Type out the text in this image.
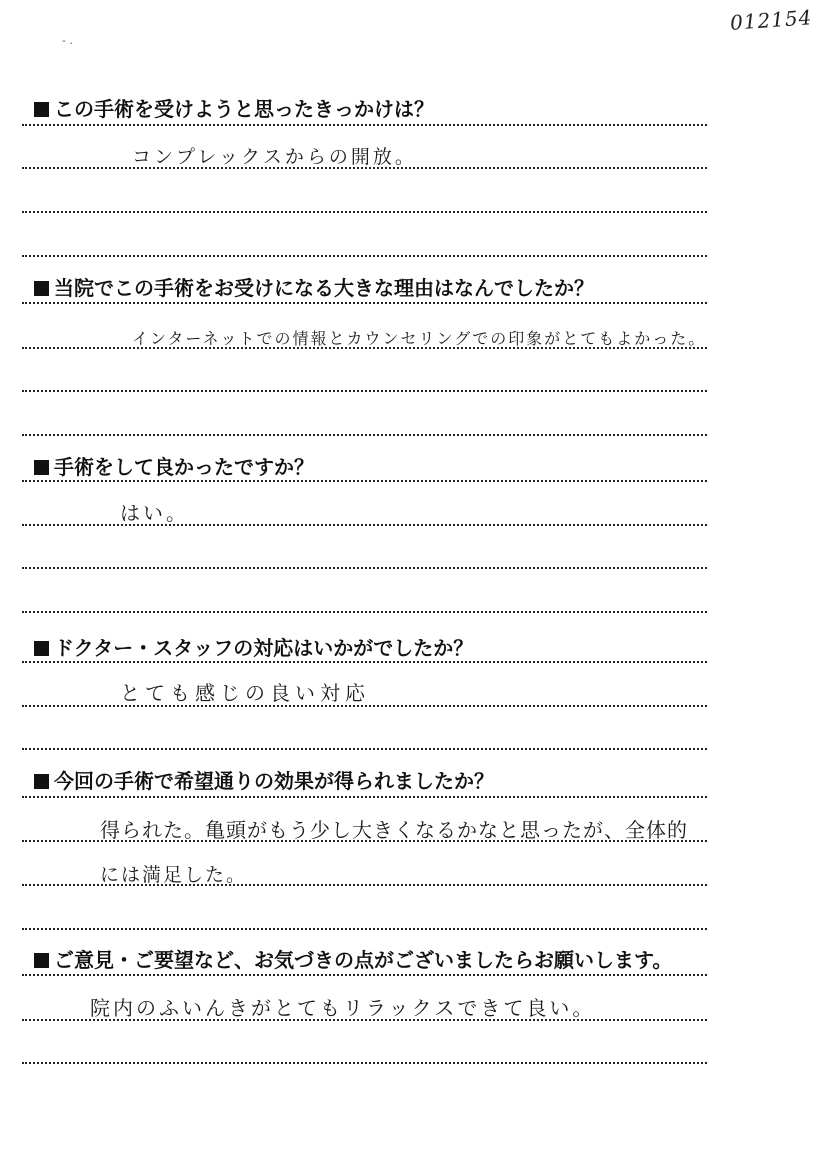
012154
- .
この手術を受けようと思ったきっかけは？
コンプレックスからの開放。
当院でこの手術をお受けになる大きな理由はなんでしたか？
インターネットでの情報とカウンセリングでの印象がとてもよかった。
手術をして良かったですか？
はい。
ドクター・スタッフの対応はいかがでしたか？
とても感じの良い対応
今回の手術で希望通りの効果が得られましたか？
得られた。亀頭がもう少し大きくなるかなと思ったが、全体的
には満足した。
ご意見・ご要望など、お気づきの点がございましたらお願いします。
院内のふいんきがとてもリラックスできて良い。
